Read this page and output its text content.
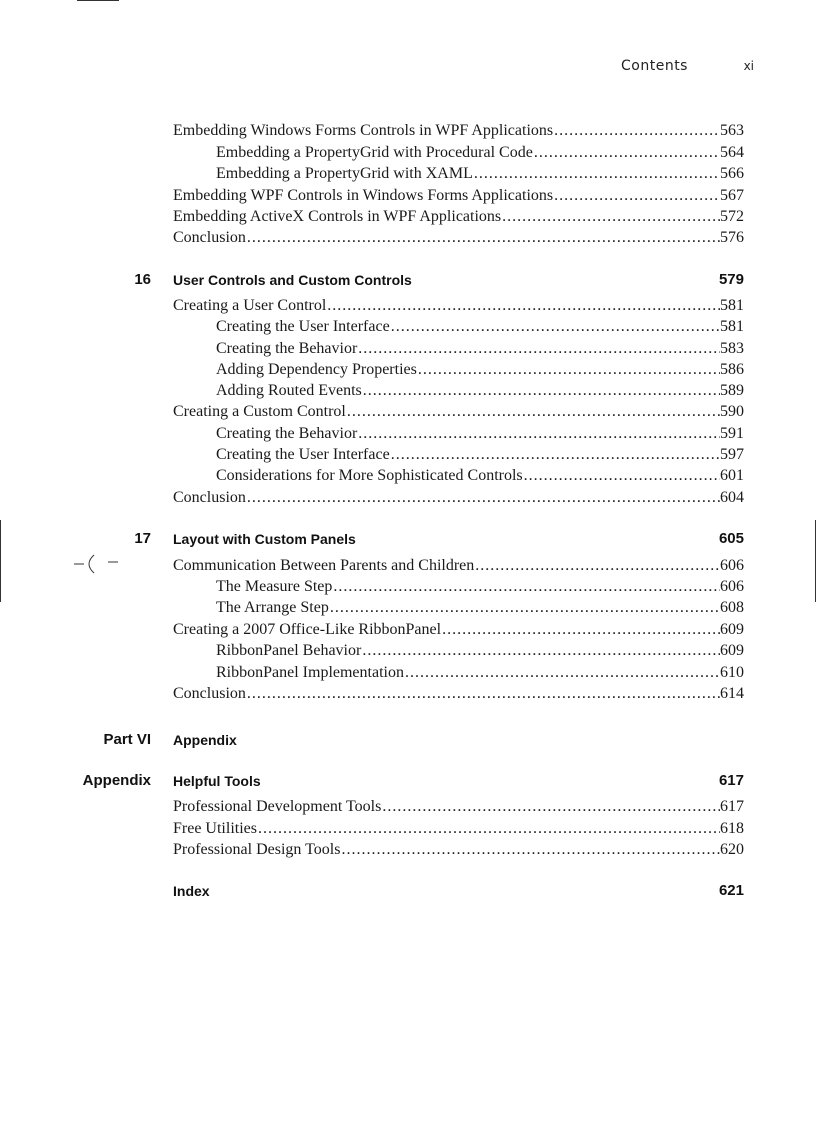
Contents	xi
Embedding Windows Forms Controls in WPF Applications .....	563
Embedding a PropertyGrid with Procedural Code .....	564
Embedding a PropertyGrid with XAML .....	566
Embedding WPF Controls in Windows Forms Applications .....	567
Embedding ActiveX Controls in WPF Applications .....	572
Conclusion .....	576
16 User Controls and Custom Controls	579
Creating a User Control .....	581
Creating the User Interface .....	581
Creating the Behavior .....	583
Adding Dependency Properties .....	586
Adding Routed Events .....	589
Creating a Custom Control .....	590
Creating the Behavior .....	591
Creating the User Interface .....	597
Considerations for More Sophisticated Controls .....	601
Conclusion .....	604
17 Layout with Custom Panels	605
Communication Between Parents and Children .....	606
The Measure Step .....	606
The Arrange Step .....	608
Creating a 2007 Office-Like RibbonPanel .....	609
RibbonPanel Behavior .....	609
RibbonPanel Implementation .....	610
Conclusion .....	614
Part VI Appendix
Appendix Helpful Tools	617
Professional Development Tools .....	617
Free Utilities .....	618
Professional Design Tools .....	620
Index	621
